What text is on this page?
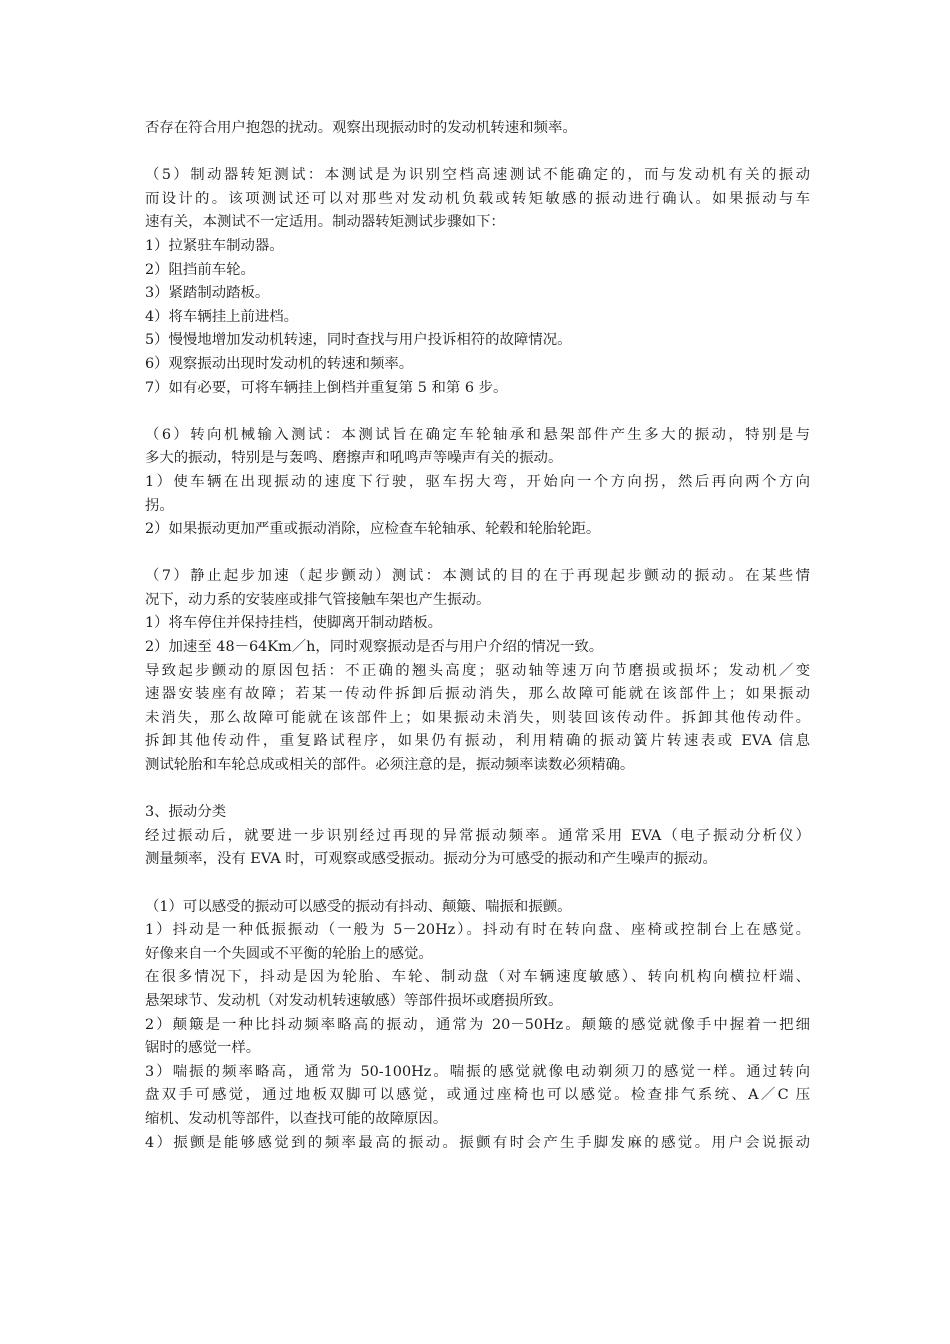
否存在符合用户抱怨的扰动。观察出现振动时的发动机转速和频率。
（5）制动器转矩测试：本测试是为识别空档高速测试不能确定的，而与发动机有关的振动
而设计的。该项测试还可以对那些对发动机负载或转矩敏感的振动进行确认。如果振动与车
速有关，本测试不一定适用。制动器转矩测试步骤如下：
1）拉紧驻车制动器。
2）阻挡前车轮。
3）紧踏制动踏板。
4）将车辆挂上前进档。
5）慢慢地增加发动机转速，同时查找与用户投诉相符的故障情况。
6）观察振动出现时发动机的转速和频率。
7）如有必要，可将车辆挂上倒档并重复第 5 和第 6 步。
（6）转向机械输入测试：本测试旨在确定车轮轴承和悬架部件产生多大的振动，特别是与
多大的振动，特别是与轰鸣、磨擦声和吼鸣声等噪声有关的振动。
1）使车辆在出现振动的速度下行驶，驱车拐大弯，开始向一个方向拐，然后再向两个方向
拐。
2）如果振动更加严重或振动消除，应检查车轮轴承、轮毂和轮胎轮距。
（7）静止起步加速（起步颤动）测试：本测试的目的在于再现起步颤动的振动。在某些情
况下，动力系的安装座或排气管接触车架也产生振动。
1）将车停住并保持挂档，使脚离开制动踏板。
2）加速至 48－64Km／h，同时观察振动是否与用户介绍的情况一致。
导致起步颤动的原因包括：不正确的翘头高度；驱动轴等速万向节磨损或损坏；发动机／变
速器安装座有故障；若某一传动件拆卸后振动消失，那么故障可能就在该部件上；如果振动
未消失，那么故障可能就在该部件上；如果振动未消失，则装回该传动件。拆卸其他传动件。
拆卸其他传动件，重复路试程序，如果仍有振动，利用精确的振动簧片转速表或 EVA 信息
测试轮胎和车轮总成或相关的部件。必须注意的是，振动频率读数必须精确。
3、振动分类
经过振动后，就要进一步识别经过再现的异常振动频率。通常采用 EVA（电子振动分析仪）
测量频率，没有 EVA 时，可观察或感受振动。振动分为可感受的振动和产生噪声的振动。
（1）可以感受的振动可以感受的振动有抖动、颠簸、喘振和振颤。
1）抖动是一种低振振动（一般为 5－20Hz）。抖动有时在转向盘、座椅或控制台上在感觉。
好像来自一个失圆或不平衡的轮胎上的感觉。
在很多情况下，抖动是因为轮胎、车轮、制动盘（对车辆速度敏感）、转向机构向横拉杆端、
悬架球节、发动机（对发动机转速敏感）等部件损坏或磨损所致。
2）颠簸是一种比抖动频率略高的振动，通常为 20－50Hz。颠簸的感觉就像手中握着一把细
锯时的感觉一样。
3）喘振的频率略高，通常为 50-100Hz。喘振的感觉就像电动剃须刀的感觉一样。通过转向
盘双手可感觉，通过地板双脚可以感觉，或通过座椅也可以感觉。检查排气系统、A／C 压
缩机、发动机等部件，以查找可能的故障原因。
4）振颤是能够感觉到的频率最高的振动。振颤有时会产生手脚发麻的感觉。用户会说振动
